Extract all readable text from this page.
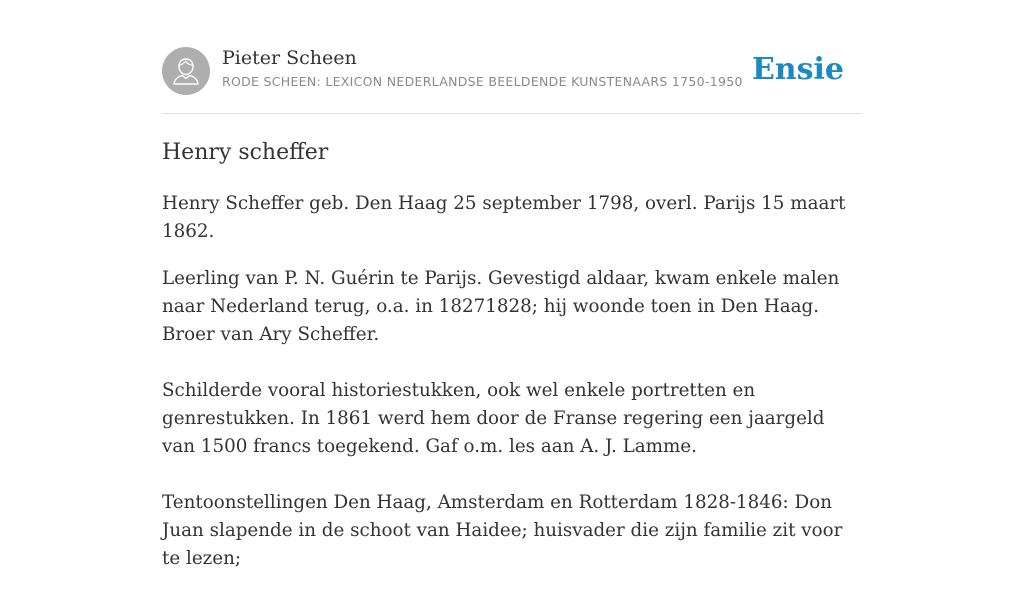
Pieter Scheen
RODE SCHEEN: LEXICON NEDERLANDSE BEELDENDE KUNSTENAARS 1750-1950 Ensie
Henry scheffer

Henry Scheffer geb. Den Haag 25 september 1798, overl. Parijs 15 maart 1862.

Leerling van P. N. Guérin te Parijs. Gevestigd aldaar, kwam enkele malen naar Nederland terug, o.a. in 18271828; hij woonde toen in Den Haag. Broer van Ary Scheffer.

Schilderde vooral historiestukken, ook wel enkele portretten en genrestukken. In 1861 werd hem door de Franse regering een jaargeld van 1500 francs toegekend. Gaf o.m. les aan A. J. Lamme.

Tentoonstellingen Den Haag, Amsterdam en Rotterdam 1828-1846: Don Juan slapende in de schoot van Haidee; huisvader die zijn familie zit voor te lezen;
